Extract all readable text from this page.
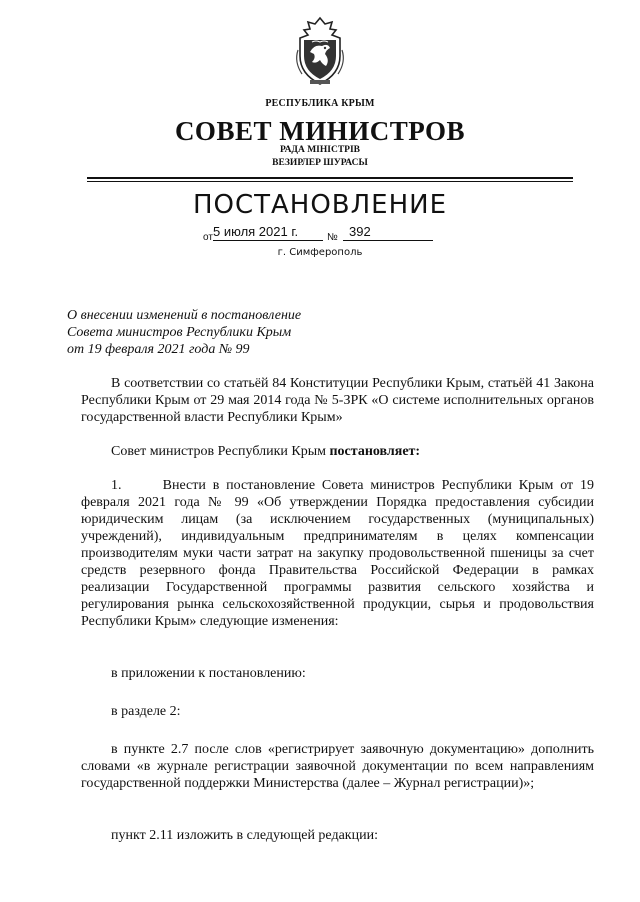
РЕСПУБЛИКА КРЫМ
СОВЕТ МИНИСТРОВ
РАДА МІНІСТРІВ
ВЕЗИРЛЕР ШУРАСЫ
ПОСТАНОВЛЕНИЕ
от 5 июля 2021 г.	№ 392
г. Симферополь
О внесении изменений в постановление
Совета министров Республики Крым
от 19 февраля 2021 года № 99
В соответствии со статьёй 84 Конституции Республики Крым, статьёй 41 Закона Республики Крым от 29 мая 2014 года № 5-ЗРК «О системе исполнительных органов государственной власти Республики Крым»
Совет министров Республики Крым постановляет:
1.      Внести в постановление Совета министров Республики Крым от 19 февраля 2021 года № 99 «Об утверждении Порядка предоставления субсидии юридическим лицам (за исключением государственных (муниципальных) учреждений), индивидуальным предпринимателям в целях компенсации производителям муки части затрат на закупку продовольственной пшеницы за счет средств резервного фонда Правительства Российской Федерации в рамках реализации Государственной программы развития сельского хозяйства и регулирования рынка сельскохозяйственной продукции, сырья и продовольствия Республики Крым» следующие изменения:
в приложении к постановлению:
в разделе 2:
в пункте 2.7 после слов «регистрирует заявочную документацию» дополнить словами «в журнале регистрации заявочной документации по всем направлениям государственной поддержки Министерства (далее – Журнал регистрации)»;
пункт 2.11 изложить в следующей редакции:
